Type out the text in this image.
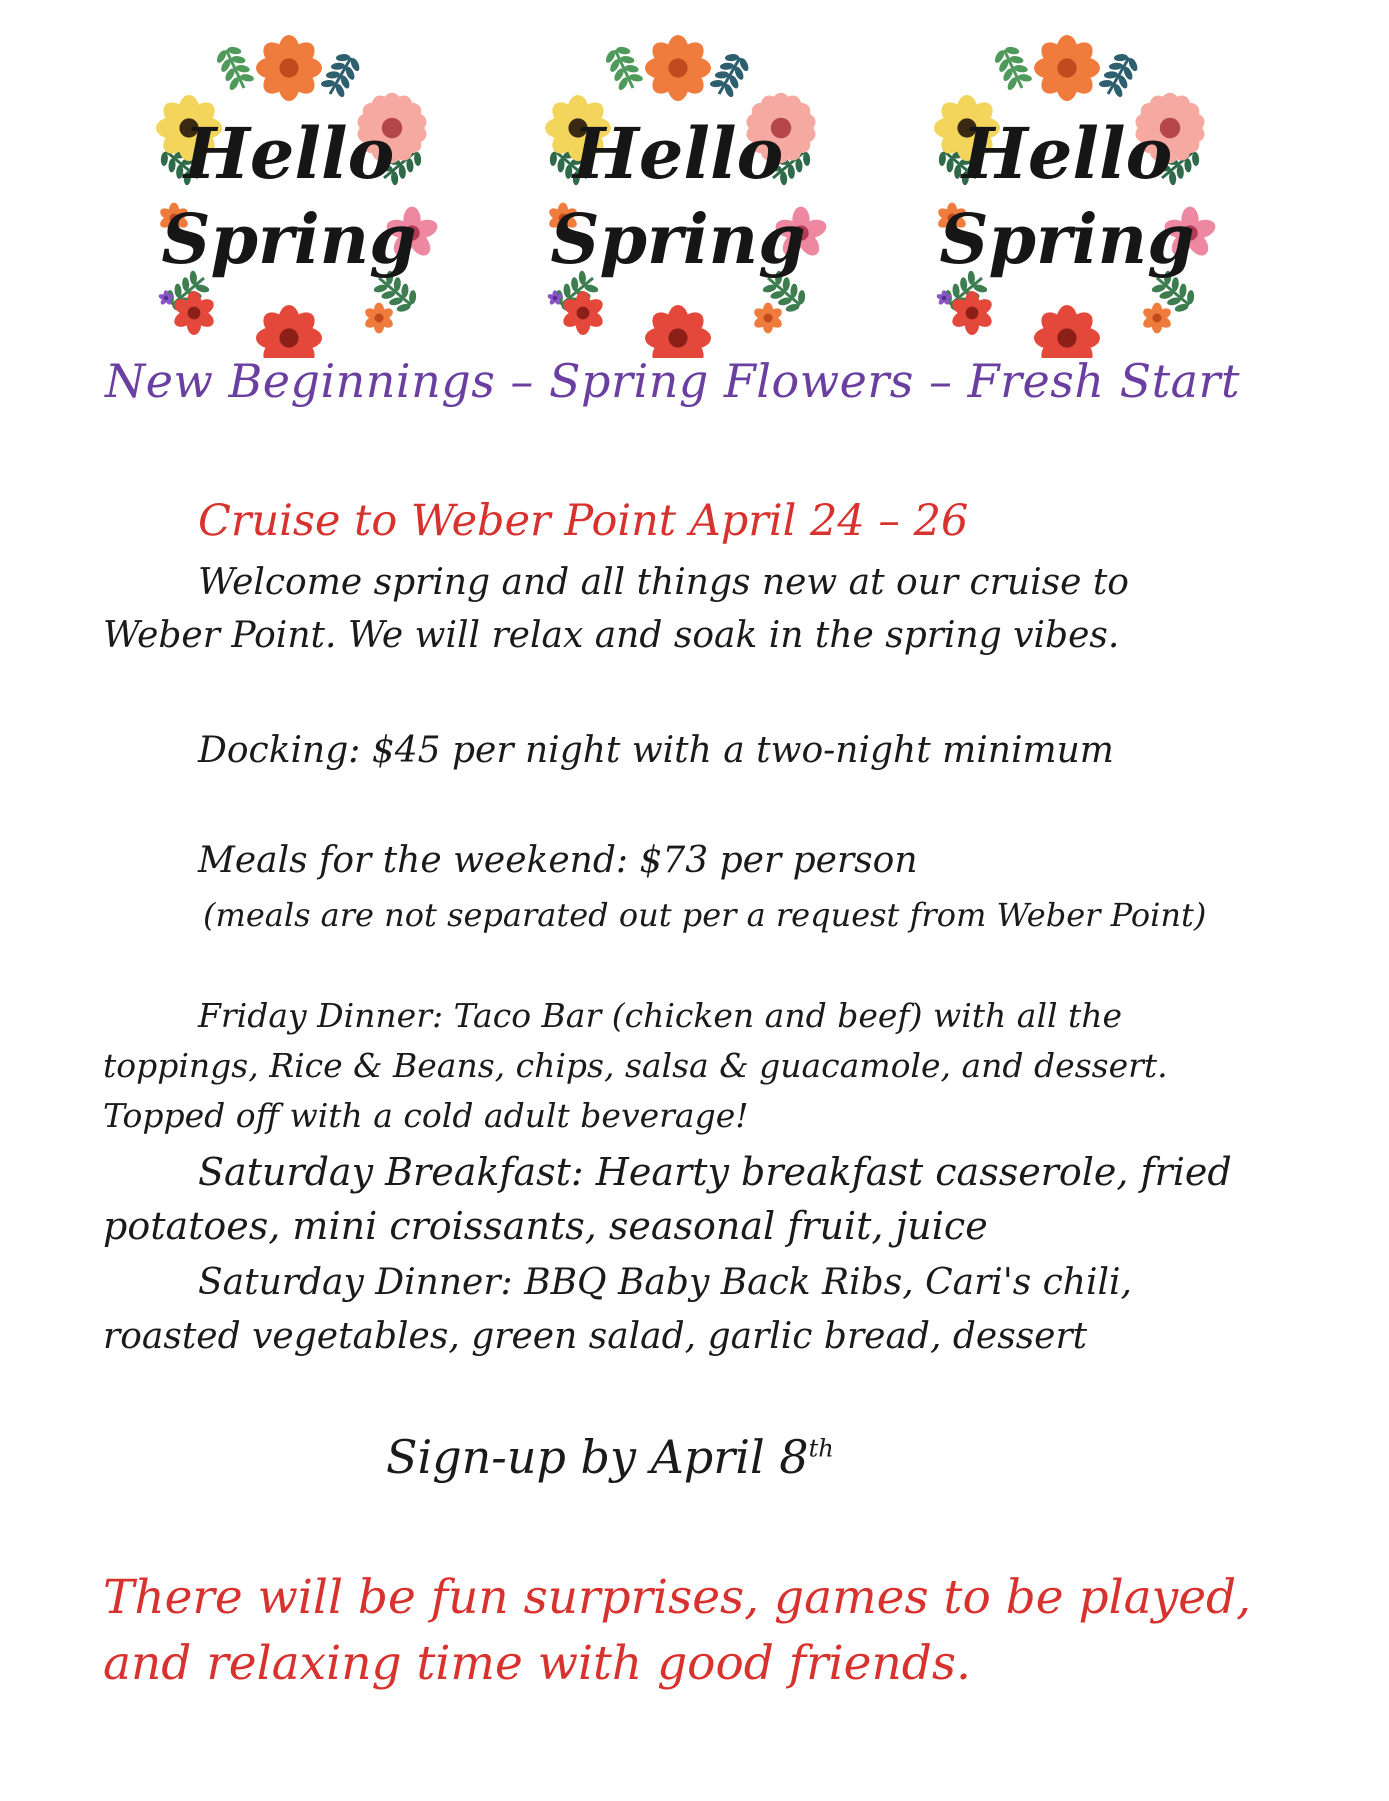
Hello
Spring
Hello
Spring
Hello
Spring
New Beginnings – Spring Flowers – Fresh Start
Cruise to Weber Point April 24 – 26
Welcome spring and all things new at our cruise to
Weber Point. We will relax and soak in the spring vibes.
Docking: $45 per night with a two-night minimum
Meals for the weekend: $73 per person
(meals are not separated out per a request from Weber Point)
Friday Dinner: Taco Bar (chicken and beef) with all the
toppings, Rice & Beans, chips, salsa & guacamole, and dessert.
Topped off with a cold adult beverage!
Saturday Breakfast: Hearty breakfast casserole, fried
potatoes, mini croissants, seasonal fruit, juice
Saturday Dinner: BBQ Baby Back Ribs, Cari's chili,
roasted vegetables, green salad, garlic bread, dessert
Sign-up by April 8th
There will be fun surprises, games to be played,
and relaxing time with good friends.
